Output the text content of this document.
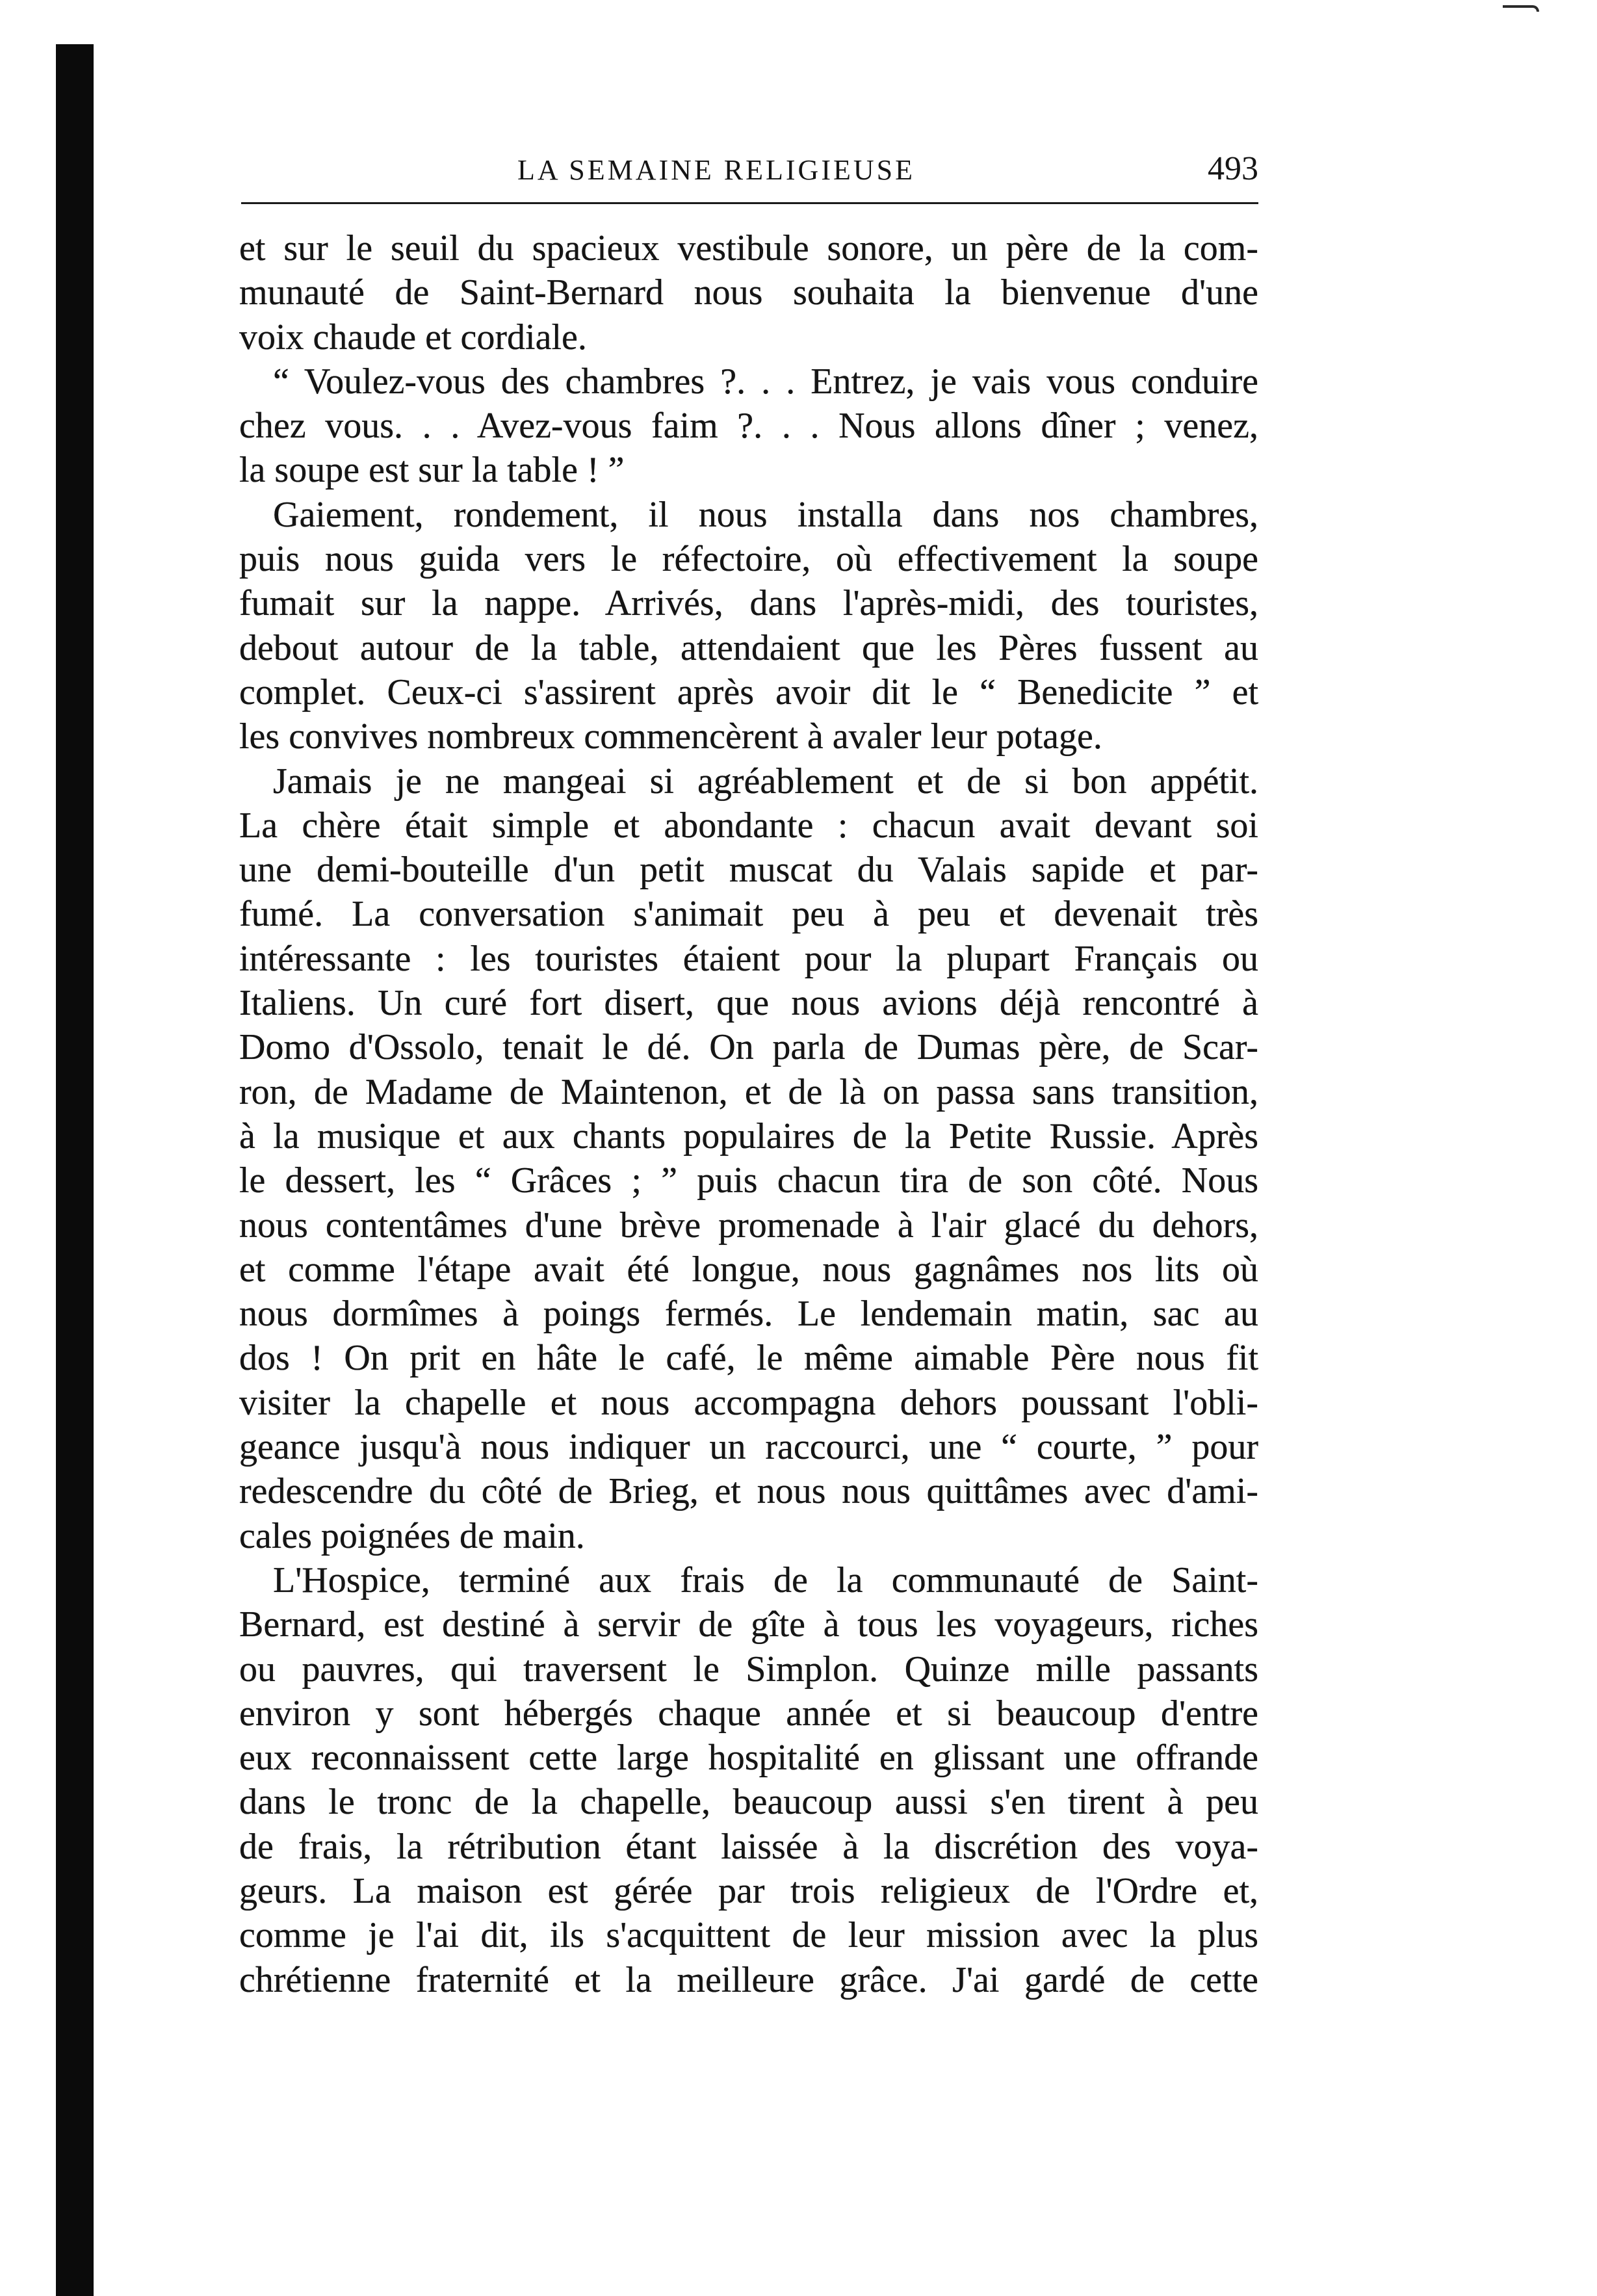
LA SEMAINE RELIGIEUSE	493
et sur le seuil du spacieux vestibule sonore, un père de la com-
munauté de Saint-Bernard nous souhaita la bienvenue d'une
voix chaude et cordiale.
“ Voulez-vous des chambres ?. . . Entrez, je vais vous conduire
chez vous. . . Avez-vous faim ?. . . Nous allons dîner ; venez,
la soupe est sur la table ! ”
Gaiement, rondement, il nous installa dans nos chambres,
puis nous guida vers le réfectoire, où effectivement la soupe
fumait sur la nappe. Arrivés, dans l'après-midi, des touristes,
debout autour de la table, attendaient que les Pères fussent au
complet. Ceux-ci s'assirent après avoir dit le “ Benedicite ” et
les convives nombreux commencèrent à avaler leur potage.
Jamais je ne mangeai si agréablement et de si bon appétit.
La chère était simple et abondante : chacun avait devant soi
une demi-bouteille d'un petit muscat du Valais sapide et par-
fumé. La conversation s'animait peu à peu et devenait très
intéressante : les touristes étaient pour la plupart Français ou
Italiens. Un curé fort disert, que nous avions déjà rencontré à
Domo d'Ossolo, tenait le dé. On parla de Dumas père, de Scar-
ron, de Madame de Maintenon, et de là on passa sans transition,
à la musique et aux chants populaires de la Petite Russie. Après
le dessert, les “ Grâces ; ” puis chacun tira de son côté. Nous
nous contentâmes d'une brève promenade à l'air glacé du dehors,
et comme l'étape avait été longue, nous gagnâmes nos lits où
nous dormîmes à poings fermés. Le lendemain matin, sac au
dos ! On prit en hâte le café, le même aimable Père nous fit
visiter la chapelle et nous accompagna dehors poussant l'obli-
geance jusqu'à nous indiquer un raccourci, une “ courte, ” pour
redescendre du côté de Brieg, et nous nous quittâmes avec d'ami-
cales poignées de main.
L'Hospice, terminé aux frais de la communauté de Saint-
Bernard, est destiné à servir de gîte à tous les voyageurs, riches
ou pauvres, qui traversent le Simplon. Quinze mille passants
environ y sont hébergés chaque année et si beaucoup d'entre
eux reconnaissent cette large hospitalité en glissant une offrande
dans le tronc de la chapelle, beaucoup aussi s'en tirent à peu
de frais, la rétribution étant laissée à la discrétion des voya-
geurs. La maison est gérée par trois religieux de l'Ordre et,
comme je l'ai dit, ils s'acquittent de leur mission avec la plus
chrétienne fraternité et la meilleure grâce. J'ai gardé de cette
